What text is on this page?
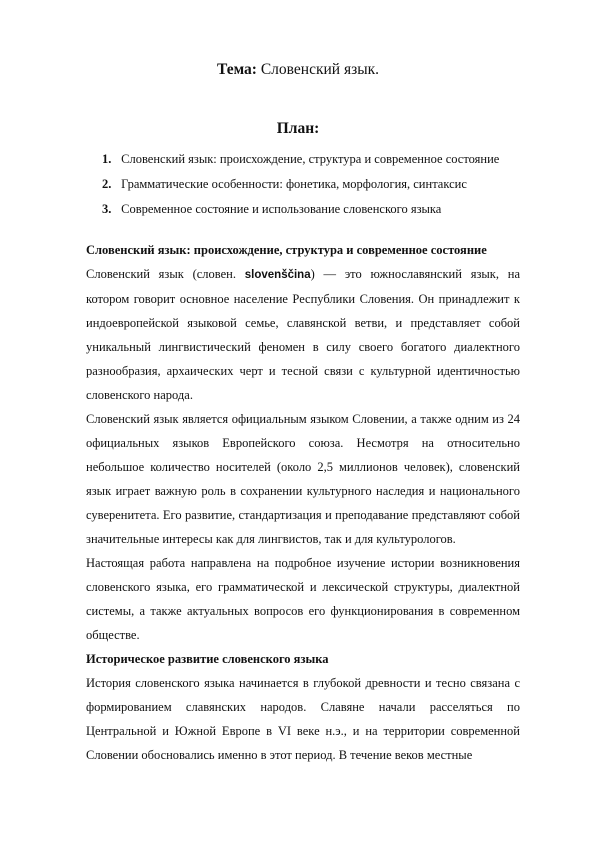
Тема: Словенский язык.
План:
1. Словенский язык: происхождение, структура и современное состояние
2. Грамматические особенности: фонетика, морфология, синтаксис
3. Современное состояние и использование словенского языка
Словенский язык: происхождение, структура и современное состояние

Словенский язык (словен. slovenščina) — это южнославянский язык, на котором говорит основное население Республики Словения. Он принадлежит к индоевропейской языковой семье, славянской ветви, и представляет собой уникальный лингвистический феномен в силу своего богатого диалектного разнообразия, архаических черт и тесной связи с культурной идентичностью словенского народа.

Словенский язык является официальным языком Словении, а также одним из 24 официальных языков Европейского союза. Несмотря на относительно небольшое количество носителей (около 2,5 миллионов человек), словенский язык играет важную роль в сохранении культурного наследия и национального суверенитета. Его развитие, стандартизация и преподавание представляют собой значительные интересы как для лингвистов, так и для культурологов.

Настоящая работа направлена на подробное изучение истории возникновения словенского языка, его грамматической и лексической структуры, диалектной системы, а также актуальных вопросов его функционирования в современном обществе.

Историческое развитие словенского языка

История словенского языка начинается в глубокой древности и тесно связана с формированием славянских народов. Славяне начали расселяться по Центральной и Южной Европе в VI веке н.э., и на территории современной Словении обосновались именно в этот период. В течение веков местные
